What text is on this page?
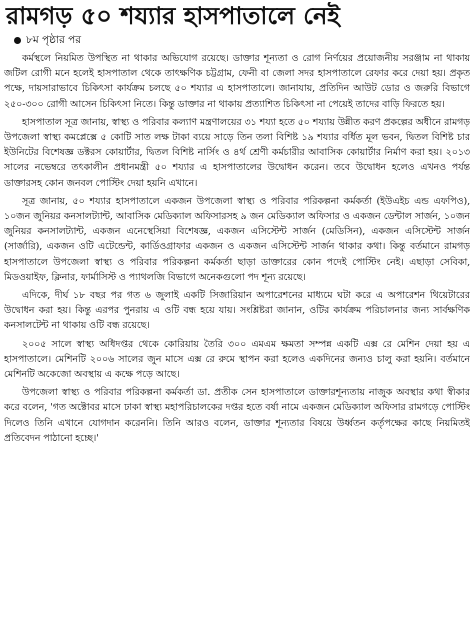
রামগড় ৫০ শয্যার হাসপাতালে নেই
৮ম পৃষ্ঠার পর

কর্মস্থলে নিয়মিত উপস্থিত না থাকার অভিযোগ রয়েছে। ডাক্তার শূন্যতা ও রোগ নির্ণয়ের প্রয়োজনীয় সরঞ্জাম না থাকায় জটিল রোগী মনে হলেই হাসপাতাল থেকে তাৎক্ষণিক চট্টগ্রাম, ফেনী বা জেলা সদর হাসপাতালে রেফার করে দেয়া হয়। প্রকৃত পক্ষে, দায়সারাভাবে চিকিৎসা কার্যক্রম চলছে ৫০ শয্যার এ হাসপাতালে। জানাযায়, প্রতিদিন আউট ডোর ও জরুরি বিভাগে ২৫০-৩০০ রোগী আসেন চিকিৎসা নিতে। কিন্তু ডাক্তার না থাকায় প্রত্যাশিত চিকিৎসা না পেয়েই তাদের বাড়ি ফিরতে হয়।

হাসপাতাল সূত্র জানায়, স্বাস্থ্য ও পরিবার কল্যাণ মন্ত্রণালয়ের ৩১ শয্যা হতে ৫০ শয্যায় উন্নীত করণ প্রকল্পের অধীনে রামগড় উপজেলা স্বাস্থ্য কমপ্লেক্সে ৫ কোটি সাত লক্ষ টাকা ব্যয়ে সাড়ে তিন তলা বিশিষ্ট ১৯ শয্যার বর্ধিত মূল ভবন, দ্বিতল বিশিষ্ট চার ইউনিটের বিশেষজ্ঞ ডক্টরস কোয়ার্টার, দ্বিতল বিশিষ্ট নার্সিং ও ৪র্থ শ্রেণী কর্মচারীর আবাসিক কোয়ার্টার নির্মাণ করা হয়। ২০১৩ সালের নভেম্বরে তৎকালীন প্রধানমন্ত্রী ৫০ শয্যার এ হাসপাতালের উদ্বোধন করেন। তবে উদ্বোধন হলেও এখনও পর্যন্ত ডাক্তারসহ কোন জনবল পোস্টিং দেয়া হয়নি এখানে।

সূত্র জানায়, ৫০ শয্যার হাসপাতালে একজন উপজেলা স্বাস্থ্য ও পরিবার পরিকল্পনা কর্মকর্তা (ইউএইচ এন্ড এফপিও), ১০জন জুনিয়র কনসালট্যান্ট, আবাসিক মেডিক্যাল অফিসারসহ ৯ জন মেডিক্যাল অফিসার ও একজন ডেন্টাল সার্জন, ১০জন জুনিয়র কনসালট্যান্ট, একজন এনেস্থেসিয়া বিশেষজ্ঞ, একজন এসিস্টেন্ট সার্জন (মেডিসিন), একজন এসিস্টেন্ট সার্জন (সার্জারি), একজন ওটি এটেন্ডেন্ট, কার্ডিওগ্রাফার একজন ও একজন এসিস্টেন্ট সার্জন থাকার কথা। কিন্তু বর্তমানে রামগড় হাসপাতালে উপজেলা স্বাস্থ্য ও পরিবার পরিকল্পনা কর্মকর্তা ছাড়া ডাক্তারের কোন পদেই পোস্টিং নেই। এছাড়া সেবিকা, মিডওয়াইফ, ক্লিনার, ফার্মাসিস্ট ও প্যাথলজি বিভাগে অনেকগুলো পদ শূন্য রয়েছে।

এদিকে, দীর্ঘ ১৮ বছর পর গত ৬ জুলাই একটি সিজারিয়ান অপারেশনের মাধ্যমে ঘটা করে এ অপারেশন থিয়েটারের উদ্বোধন করা হয়। কিন্তু এরপর পুনরায় এ ওটি বন্ধ হয়ে যায়। সংশ্লিষ্টরা জানান, ওটির কার্যক্রম পরিচালনার জন্য সার্বক্ষণিক কনসালটেন্ট না থাকায় ওটি বন্ধ রয়েছে।

২০০৫ সালে স্বাস্থ্য অধিদপ্তর থেকে কোরিয়ায় তৈরি ৩০০ এমএম ক্ষমতা সম্পন্ন একটি এক্স রে মেশিন দেয়া হয় এ হাসপাতালে। মেশিনটি ২০০৬ সালের জুন মাসে এক্স রে রুমে স্থাপন করা হলেও একদিনের জন্যও চালু করা হয়নি। বর্তমানে মেশিনটি অকেজো অবস্থায় এ কক্ষে পড়ে আছে।

উপজেলা স্বাস্থ্য ও পরিবার পরিকল্পনা কর্মকর্তা ডা. প্রতীক সেন হাসপাতালে ডাক্তারশূন্যতায় নাজুক অবস্থার কথা স্বীকার করে বলেন, 'গত অক্টোবর মাসে ঢাকা স্বাস্থ্য মহাপরিচালকের দপ্তর হতে বর্ষা নামে একজন মেডিক্যাল অফিসার রামগড়ে পোস্টিং দিলেও তিনি এখানে যোগদান করেননি। তিনি আরও বলেন, ডাক্তার শূন্যতার বিষয়ে উর্ধ্বতন কর্তৃপক্ষের কাছে নিয়মিতই প্রতিবেদন পাঠানো হচ্ছে।'
